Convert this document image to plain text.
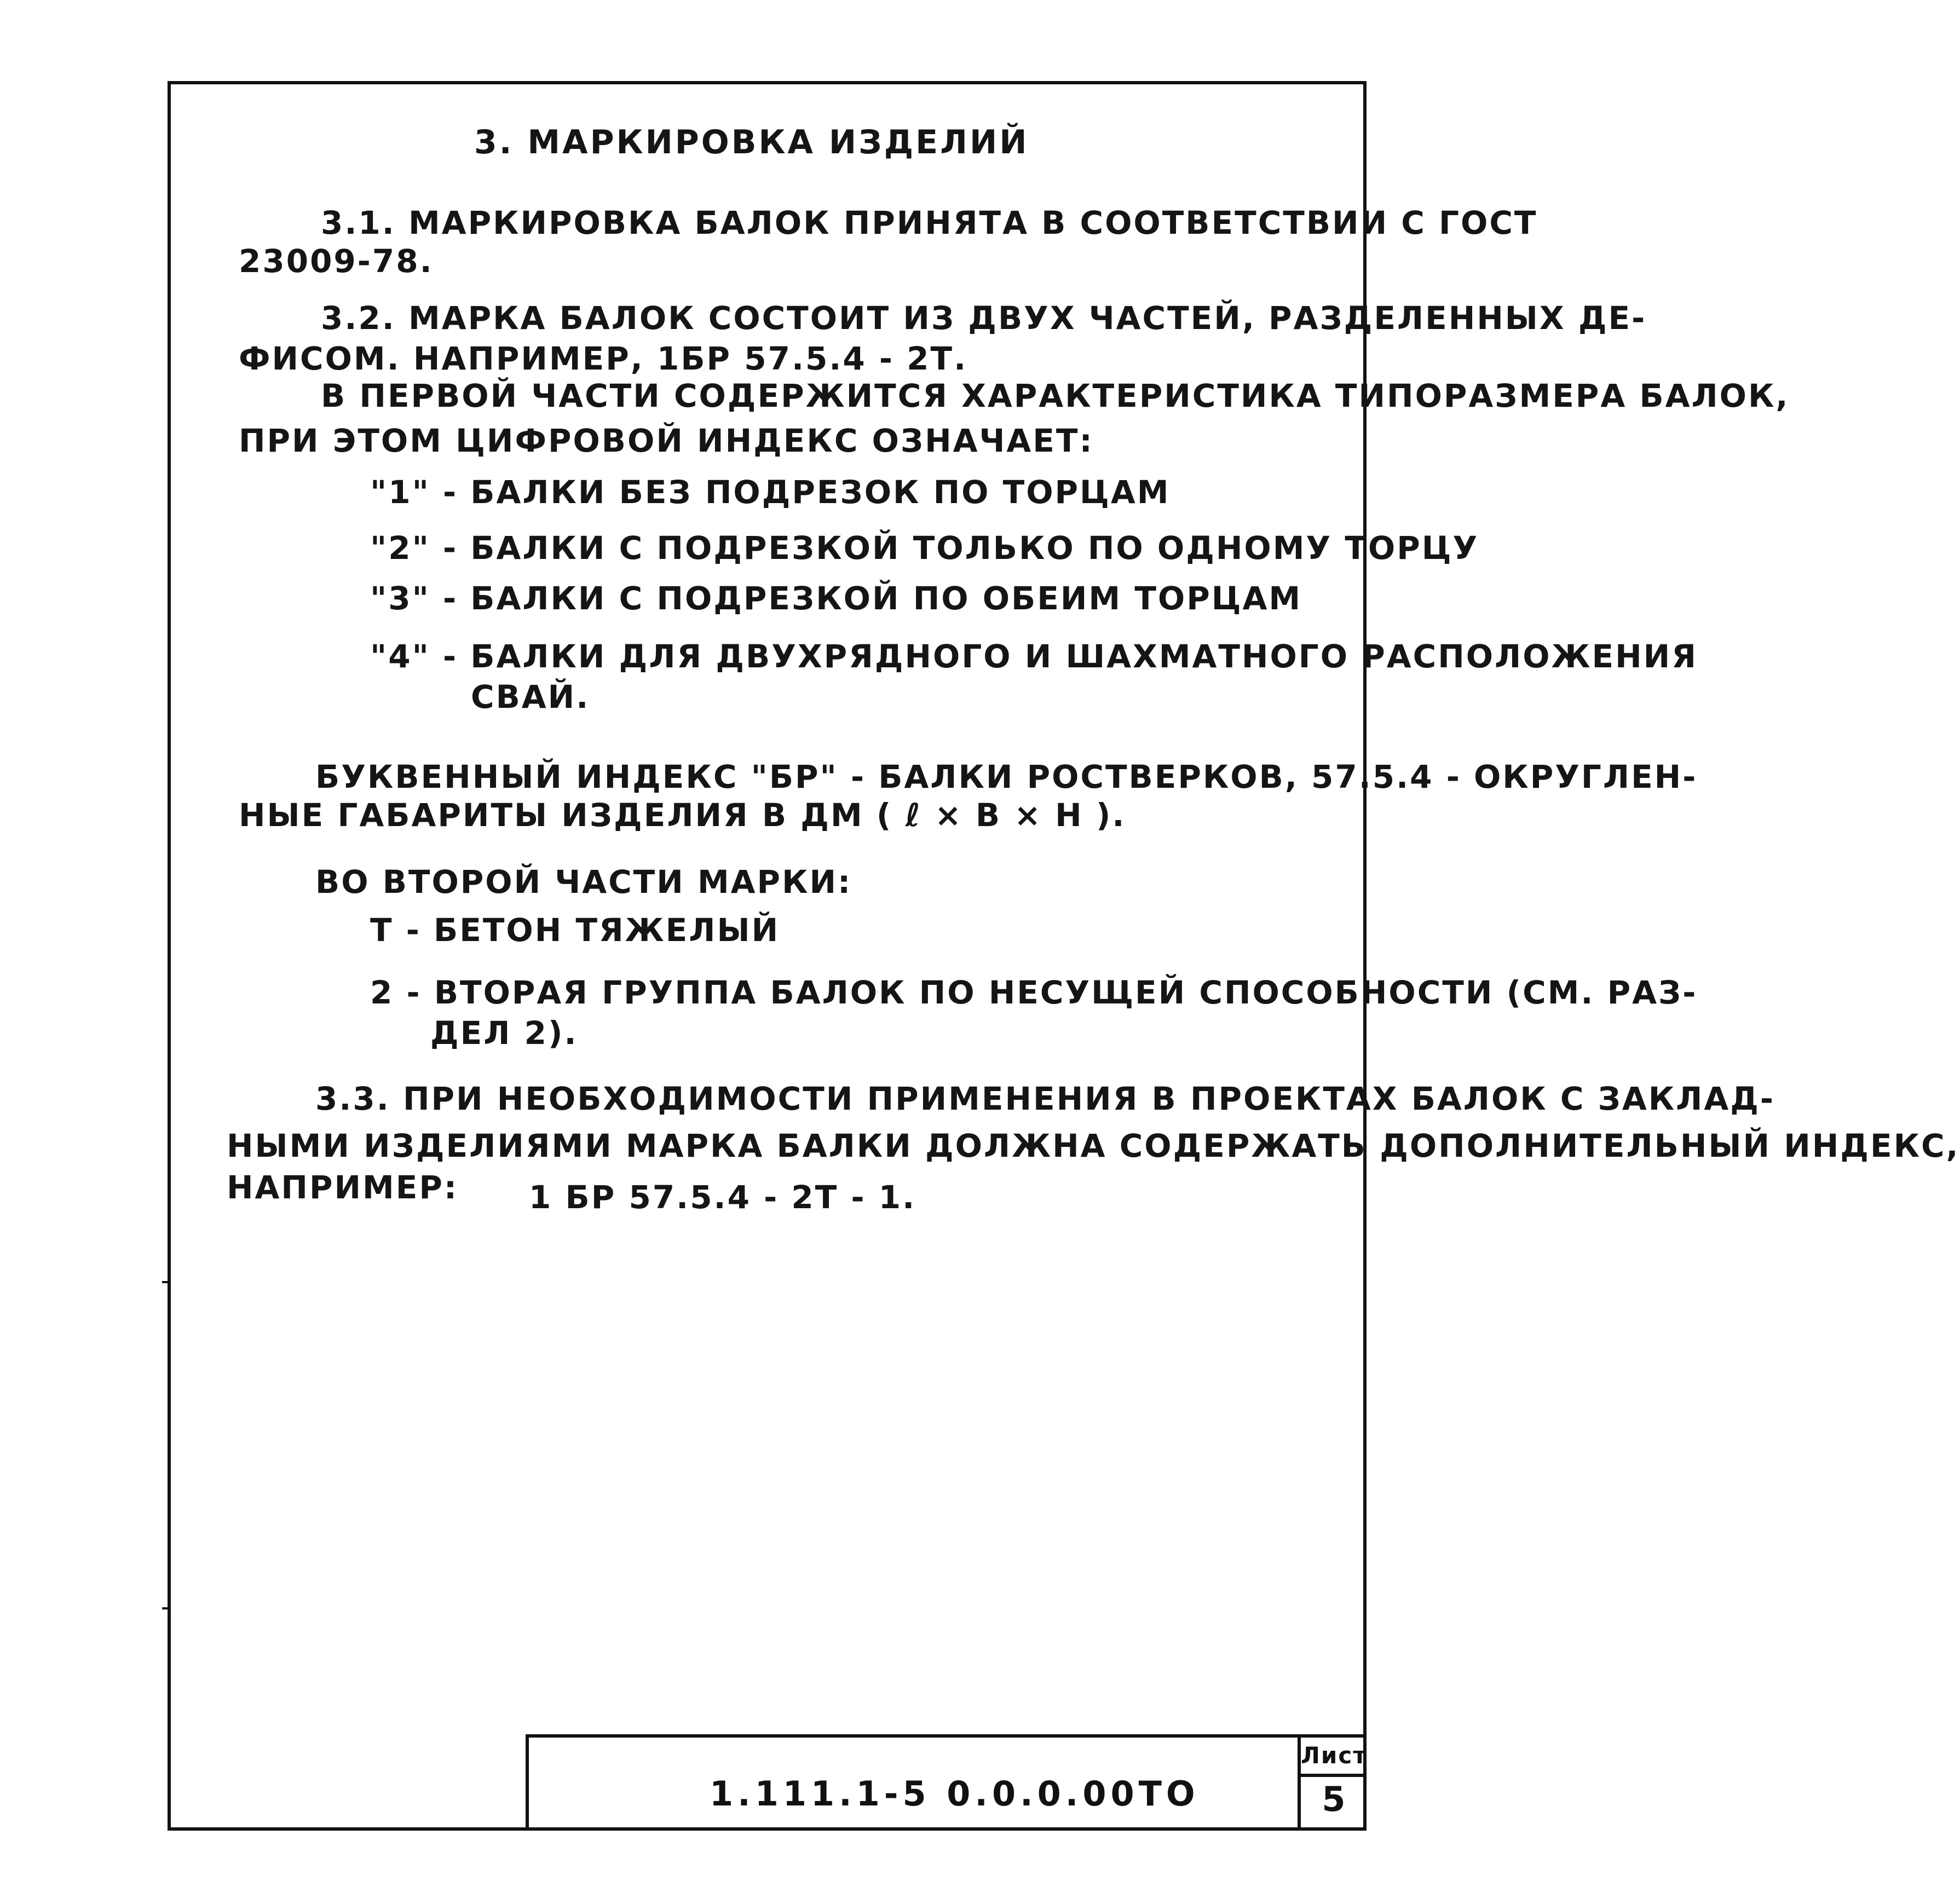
3. МАРКИРОВКА ИЗДЕЛИЙ
3.1. МАРКИРОВКА БАЛОК ПРИНЯТА В СООТВЕТСТВИИ С ГОСТ
23009-78.
3.2. МАРКА БАЛОК СОСТОИТ ИЗ ДВУХ ЧАСТЕЙ, РАЗДЕЛЕННЫХ ДЕ-
ФИСОМ. НАПРИМЕР, 1БР 57.5.4 - 2Т.
В ПЕРВОЙ ЧАСТИ СОДЕРЖИТСЯ ХАРАКТЕРИСТИКА ТИПОРАЗМЕРА БАЛОК,
ПРИ ЭТОМ ЦИФРОВОЙ ИНДЕКС ОЗНАЧАЕТ:
"1" - БАЛКИ БЕЗ ПОДРЕЗОК ПО ТОРЦАМ
"2" - БАЛКИ С ПОДРЕЗКОЙ ТОЛЬКО ПО ОДНОМУ ТОРЦУ
"3" - БАЛКИ С ПОДРЕЗКОЙ ПО ОБЕИМ ТОРЦАМ
"4" - БАЛКИ ДЛЯ ДВУХРЯДНОГО И ШАХМАТНОГО РАСПОЛОЖЕНИЯ
СВАЙ.
БУКВЕННЫЙ ИНДЕКС "БР" - БАЛКИ РОСТВЕРКОВ, 57.5.4 - ОКРУГЛЕН-
НЫЕ ГАБАРИТЫ ИЗДЕЛИЯ В ДМ ( ℓ × B × H ).
ВО ВТОРОЙ ЧАСТИ МАРКИ:
Т - БЕТОН ТЯЖЕЛЫЙ
2 - ВТОРАЯ ГРУППА БАЛОК ПО НЕСУЩЕЙ СПОСОБНОСТИ (СМ. РАЗ-
ДЕЛ 2).
3.3. ПРИ НЕОБХОДИМОСТИ ПРИМЕНЕНИЯ В ПРОЕКТАХ БАЛОК С ЗАКЛАД-
НЫМИ ИЗДЕЛИЯМИ МАРКА БАЛКИ ДОЛЖНА СОДЕРЖАТЬ ДОПОЛНИТЕЛЬНЫЙ ИНДЕКС,
НАПРИМЕР: 1 БР 57.5.4 - 2Т - 1.
1.111.1-5 0.0.0.00ТО
Лист
5
